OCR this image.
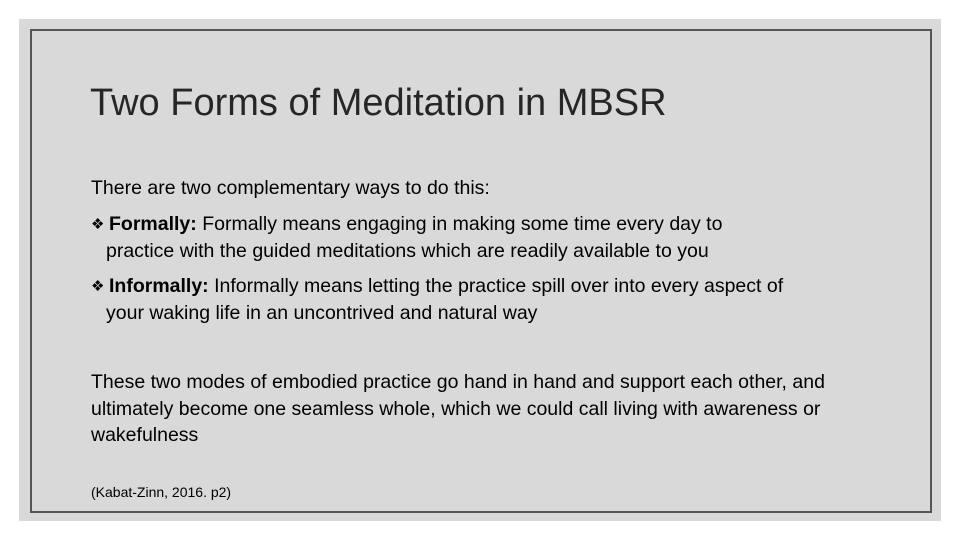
Two Forms of Meditation in MBSR
There are two complementary ways to do this:
❖ Formally: Formally means engaging in making some time every day to
practice with the guided meditations which are readily available to you
❖ Informally: Informally means letting the practice spill over into every aspect of
your waking life in an uncontrived and natural way
These two modes of embodied practice go hand in hand and support each other, and ultimately become one seamless whole, which we could call living with awareness or wakefulness
(Kabat-Zinn, 2016. p2)
